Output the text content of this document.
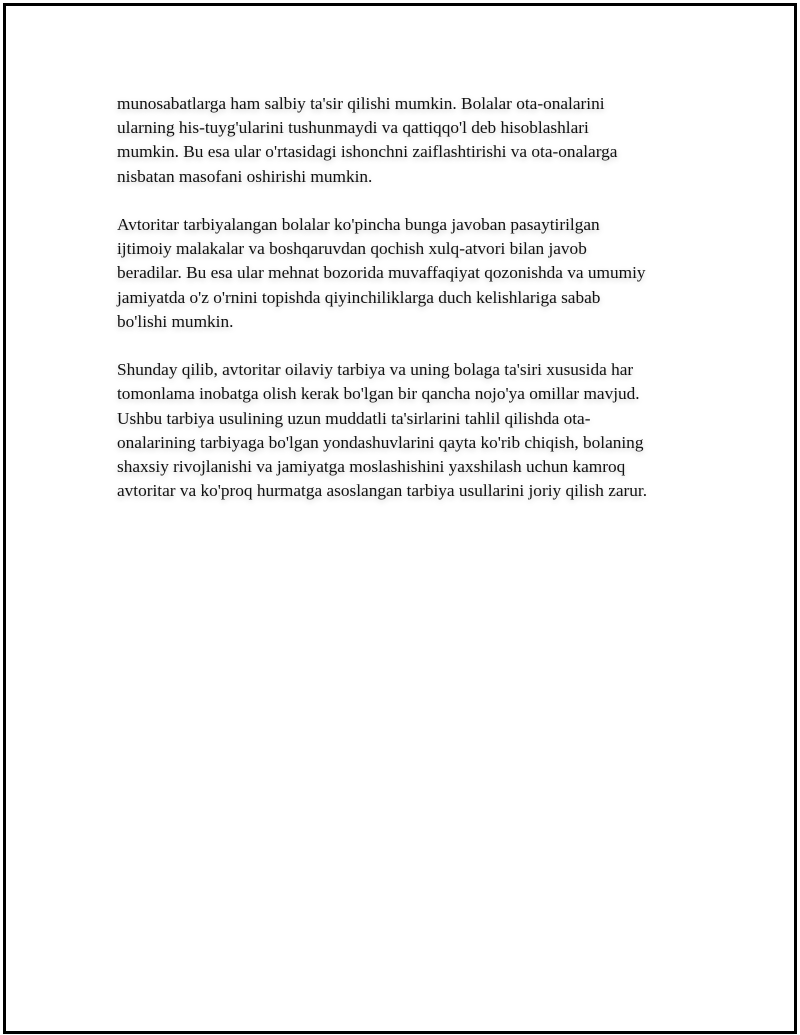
munosabatlarga ham salbiy ta'sir qilishi mumkin. Bolalar ota-onalarini
ularning his-tuyg'ularini tushunmaydi va qattiqqo'l deb hisoblashlari
mumkin. Bu esa ular o'rtasidagi ishonchni zaiflashtirishi va ota-onalarga
nisbatan masofani oshirishi mumkin.

Avtoritar tarbiyalangan bolalar ko'pincha bunga javoban pasaytirilgan
ijtimoiy malakalar va boshqaruvdan qochish xulq-atvori bilan javob
beradilar. Bu esa ular mehnat bozorida muvaffaqiyat qozonishda va umumiy
jamiyatda o'z o'rnini topishda qiyinchiliklarga duch kelishlariga sabab
bo'lishi mumkin.

Shunday qilib, avtoritar oilaviy tarbiya va uning bolaga ta'siri xususida har
tomonlama inobatga olish kerak bo'lgan bir qancha nojo'ya omillar mavjud.
Ushbu tarbiya usulining uzun muddatli ta'sirlarini tahlil qilishda ota-
onalarining tarbiyaga bo'lgan yondashuvlarini qayta ko'rib chiqish, bolaning
shaxsiy rivojlanishi va jamiyatga moslashishini yaxshilash uchun kamroq
avtoritar va ko'proq hurmatga asoslangan tarbiya usullarini joriy qilish zarur.
